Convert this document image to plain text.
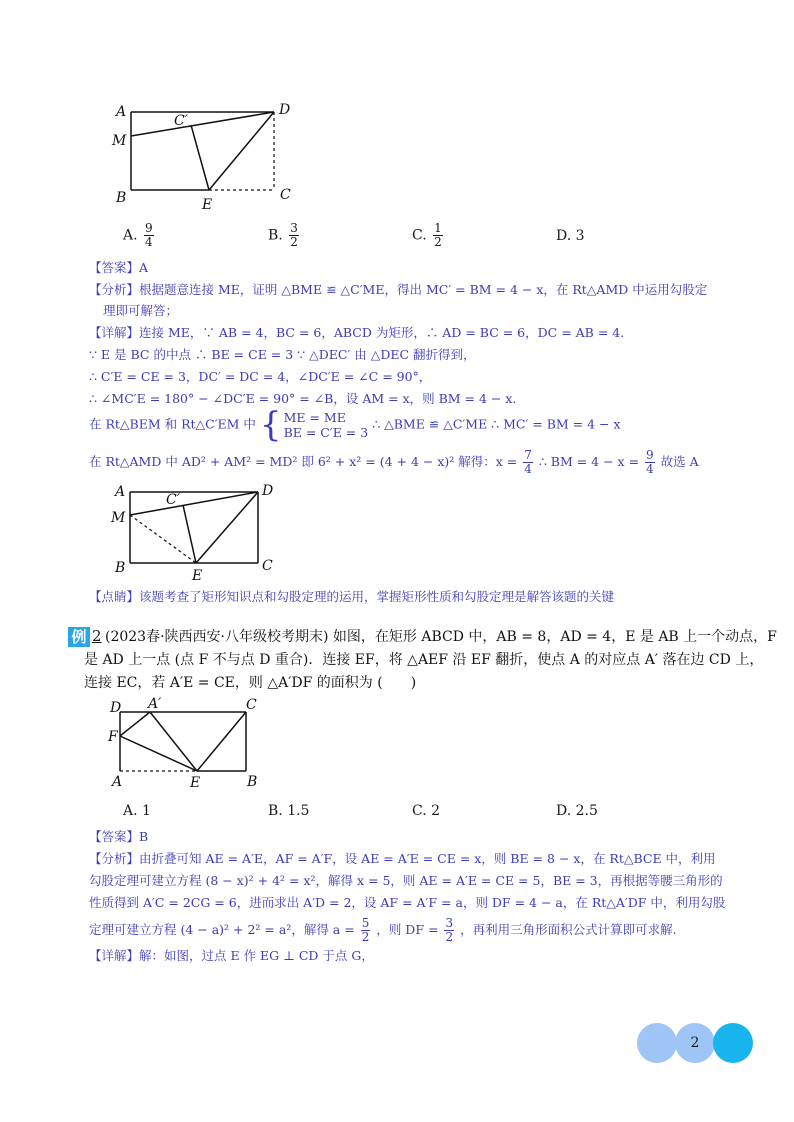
A
M
C′
D
B	E
C
A. $\frac{9}{4}$	B. $\frac{3}{2}$	C. $\frac{1}{2}$	D. 3
【答案】A
【分析】根据题意连接 ME，证明 △BME ≌ △C′ME，得出 MC′ = BM = 4 − x，在 Rt△AMD 中运用勾股定
理即可解答；
【详解】连接 ME，∵ AB = 4，BC = 6，ABCD 为矩形，∴ AD = BC = 6，DC = AB = 4.
∵ E 是 BC 的中点 ∴ BE = CE = 3 ∵ △DEC′ 由 △DEC 翻折得到，
∴ C′E = CE = 3，DC′ = DC = 4，∠DC′E = ∠C = 90°，
∴ ∠MC′E = 180° − ∠DC′E = 90° = ∠B，设 AM = x，则 BM = 4 − x.
在 Rt△BEM 和 Rt△C′EM 中 { ME = ME
BE = C′E = 3
∴ △BME ≌ △C′ME ∴ MC′ = BM = 4 − x
在 Rt△AMD 中 AD² + AM² = MD² 即 6² + x² = (4 + 4 − x)² 解得：$x = \frac{7}{4}$ ∴ BM = $4 - x = \frac{9}{4}$ 故选 A
A
M
C′
D
B	E
C
【点睛】该题考查了矩形知识点和勾股定理的运用，掌握矩形性质和勾股定理是解答该题的关键
例 2 (2023春·陕西西安·八年级校考期末) 如图，在矩形 ABCD 中，AB = 8，AD = 4，E 是 AB 上一个动点，F
是 AD 上一点 (点 F 不与点 D 重合)．连接 EF，将 △AEF 沿 EF 翻折，使点 A 的对应点 A′ 落在边 CD 上，
连接 EC，若 A′E = CE，则 △A′DF 的面积为 (　　)
D A′	C
F
A	E	B
A. 1	B. 1.5	C. 2	D. 2.5
【答案】B
【分析】由折叠可知 AE = A′E，AF = A′F，设 AE = A′E = CE = x，则 BE = 8 − x，在 Rt△BCE 中，利用
勾股定理可建立方程 (8 − x)² + 4² = x²，解得 x = 5，则 AE = A′E = CE = 5，BE = 3，再根据等腰三角形的
性质得到 A′C = 2CG = 6，进而求出 A′D = 2，设 AF = A′F = a，则 DF = 4 − a，在 Rt△A′DF 中，利用勾股
定理可建立方程 (4 − a)² + 2² = a²，解得 $a = \frac{5}{2}$ ，则 DF = $\frac{3}{2}$ ，再利用三角形面积公式计算即可求解.
【详解】解：如图，过点 E 作 EG ⊥ CD 于点 G，
2
